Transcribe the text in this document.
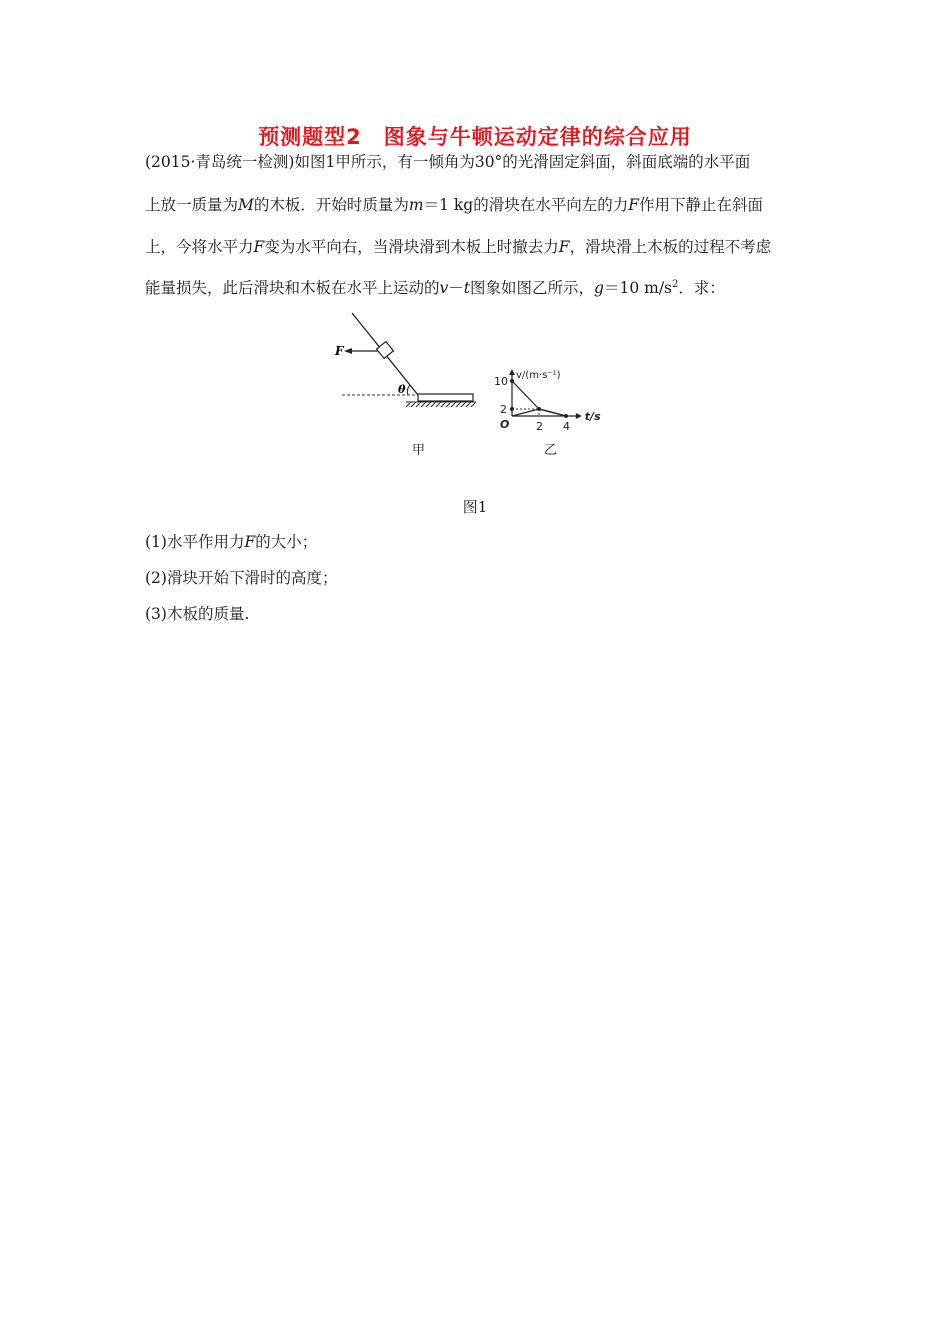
预测题型2　图象与牛顿运动定律的综合应用
(2015·青岛统一检测)如图1甲所示，有一倾角为30°的光滑固定斜面，斜面底端的水平面
上放一质量为M的木板．开始时质量为m＝1 kg的滑块在水平向左的力F作用下静止在斜面
上，今将水平力F变为水平向右，当滑块滑到木板上时撤去力F，滑块滑上木板的过程不考虑
能量损失，此后滑块和木板在水平上运动的v－t图象如图乙所示，g＝10 $m/s^2$．求：
F
θ
v/(m·s⁻¹)
t/s
O
10
2
2 4
甲	乙
图1
(1)水平作用力F的大小；
(2)滑块开始下滑时的高度；
(3)木板的质量.
